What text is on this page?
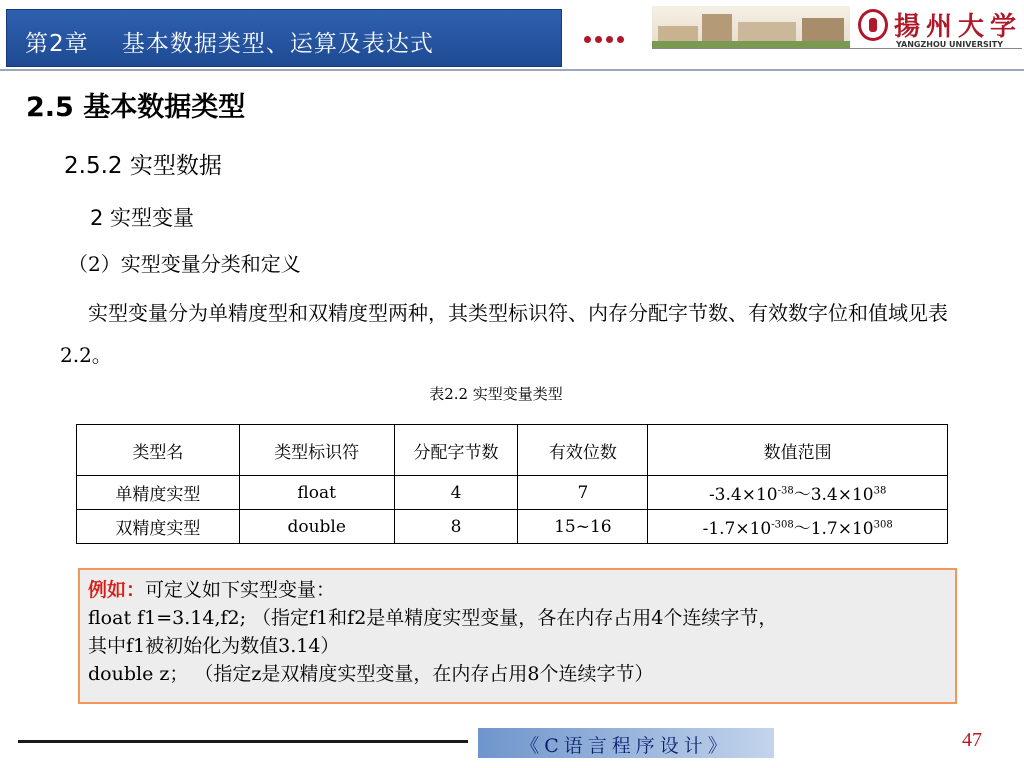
第2章    基本数据类型、运算及表达式
揚州大学
YANGZHOU UNIVERSITY
2.5 基本数据类型
2.5.2 实型数据
2 实型变量
（2）实型变量分类和定义
实型变量分为单精度型和双精度型两种，其类型标识符、内存分配字节数、有效数字位和值域见表2.2。
表2.2 实型变量类型
类型名	类型标识符	分配字节数	有效位数	数值范围
单精度实型	float	4	7	$-3.4\times 10^{-38}\sim 3.4\times 10^{38}$
双精度实型	double	8	15~16	$-1.7\times 10^{-308}\sim 1.7\times 10^{308}$
例如：可定义如下实型变量：
float f1=3.14,f2; （指定f1和f2是单精度实型变量，各在内存占用4个连续字节，
其中f1被初始化为数值3.14）
double z； （指定z是双精度实型变量，在内存占用8个连续字节）
《C语言程序设计》	47
